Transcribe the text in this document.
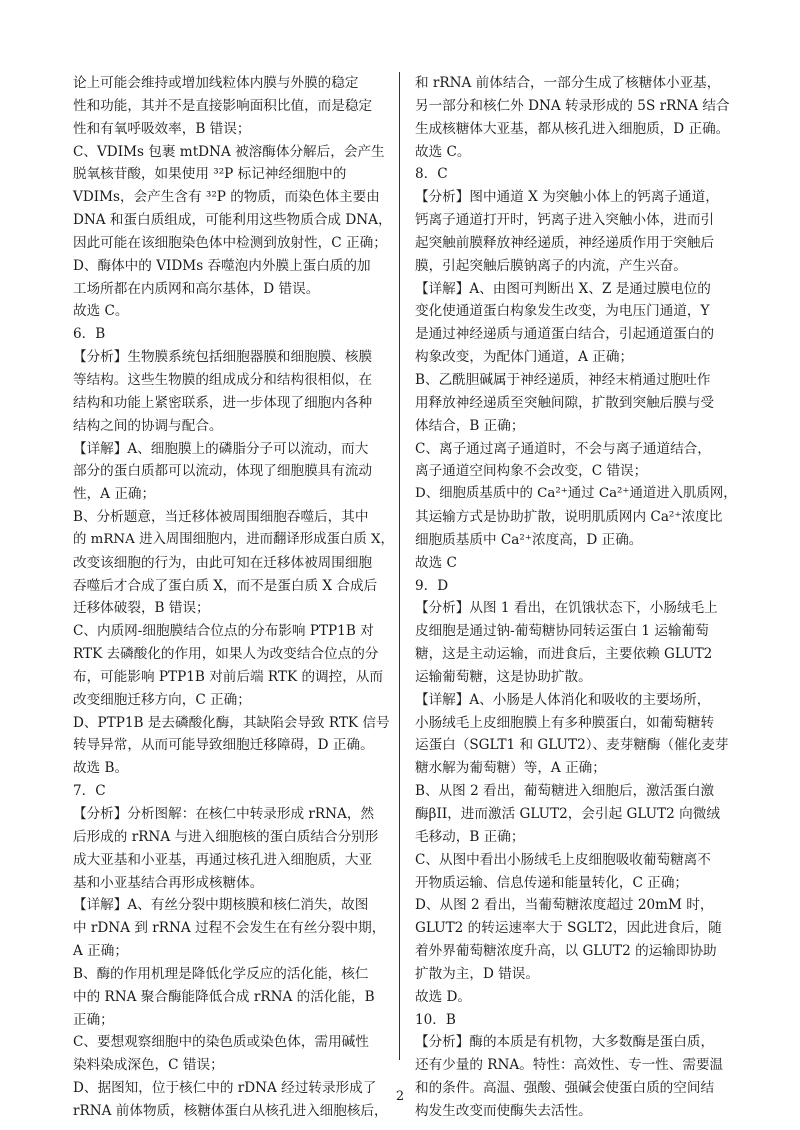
论上可能会维持或增加线粒体内膜与外膜的稳定
性和功能，其并不是直接影响面积比值，而是稳定
性和有氧呼吸效率，B 错误；
C、VDIMs 包裹 mtDNA 被溶酶体分解后，会产生
脱氧核苷酸，如果使用 ³²P 标记神经细胞中的
VDIMs，会产生含有 ³²P 的物质，而染色体主要由
DNA 和蛋白质组成，可能利用这些物质合成 DNA，
因此可能在该细胞染色体中检测到放射性，C 正确；
D、酶体中的 VIDMs 吞噬泡内外膜上蛋白质的加
工场所都在内质网和高尔基体，D 错误。
故选 C。
6．B
【分析】生物膜系统包括细胞器膜和细胞膜、核膜
等结构。这些生物膜的组成成分和结构很相似，在
结构和功能上紧密联系，进一步体现了细胞内各种
结构之间的协调与配合。
【详解】A、细胞膜上的磷脂分子可以流动，而大
部分的蛋白质都可以流动，体现了细胞膜具有流动
性，A 正确；
B、分析题意，当迁移体被周围细胞吞噬后，其中
的 mRNA 进入周围细胞内，进而翻译形成蛋白质 X，
改变该细胞的行为，由此可知在迁移体被周围细胞
吞噬后才合成了蛋白质 X，而不是蛋白质 X 合成后
迁移体破裂，B 错误；
C、内质网-细胞膜结合位点的分布影响 PTP1B 对
RTK 去磷酸化的作用，如果人为改变结合位点的分
布，可能影响 PTP1B 对前后端 RTK 的调控，从而
改变细胞迁移方向，C 正确；
D、PTP1B 是去磷酸化酶，其缺陷会导致 RTK 信号
转导异常，从而可能导致细胞迁移障碍，D 正确。
故选 B。
7．C
【分析】分析图解：在核仁中转录形成 rRNA，然
后形成的 rRNA 与进入细胞核的蛋白质结合分别形
成大亚基和小亚基，再通过核孔进入细胞质，大亚
基和小亚基结合再形成核糖体。
【详解】A、有丝分裂中期核膜和核仁消失，故图
中 rDNA 到 rRNA 过程不会发生在有丝分裂中期，
A 正确；
B、酶的作用机理是降低化学反应的活化能，核仁
中的 RNA 聚合酶能降低合成 rRNA 的活化能，B
正确；
C、要想观察细胞中的染色质或染色体，需用碱性
染料染成深色，C 错误；
D、据图知，位于核仁中的 rDNA 经过转录形成了
rRNA 前体物质，核糖体蛋白从核孔进入细胞核后，
和 rRNA 前体结合，一部分生成了核糖体小亚基，
另一部分和核仁外 DNA 转录形成的 5S rRNA 结合
生成核糖体大亚基，都从核孔进入细胞质，D 正确。
故选 C。
8．C
【分析】图中通道 X 为突触小体上的钙离子通道，
钙离子通道打开时，钙离子进入突触小体，进而引
起突触前膜释放神经递质，神经递质作用于突触后
膜，引起突触后膜钠离子的内流，产生兴奋。
【详解】A、由图可判断出 X、Z 是通过膜电位的
变化使通道蛋白构象发生改变，为电压门通道，Y
是通过神经递质与通道蛋白结合，引起通道蛋白的
构象改变，为配体门通道，A 正确；
B、乙酰胆碱属于神经递质，神经末梢通过胞吐作
用释放神经递质至突触间隙，扩散到突触后膜与受
体结合，B 正确；
C、离子通过离子通道时，不会与离子通道结合，
离子通道空间构象不会改变，C 错误；
D、细胞质基质中的 Ca²⁺通过 Ca²⁺通道进入肌质网，
其运输方式是协助扩散，说明肌质网内 Ca²⁺浓度比
细胞质基质中 Ca²⁺浓度高，D 正确。
故选 C
9．D
【分析】从图 1 看出，在饥饿状态下，小肠绒毛上
皮细胞是通过钠-葡萄糖协同转运蛋白 1 运输葡萄
糖，这是主动运输，而进食后，主要依赖 GLUT2
运输葡萄糖，这是协助扩散。
【详解】A、小肠是人体消化和吸收的主要场所，
小肠绒毛上皮细胞膜上有多种膜蛋白，如葡萄糖转
运蛋白（SGLT1 和 GLUT2）、麦芽糖酶（催化麦芽
糖水解为葡萄糖）等，A 正确；
B、从图 2 看出，葡萄糖进入细胞后，激活蛋白激
酶βII，进而激活 GLUT2，会引起 GLUT2 向微绒
毛移动，B 正确；
C、从图中看出小肠绒毛上皮细胞吸收葡萄糖离不
开物质运输、信息传递和能量转化，C 正确；
D、从图 2 看出，当葡萄糖浓度超过 20mM 时，
GLUT2 的转运速率大于 SGLT2，因此进食后，随
着外界葡萄糖浓度升高，以 GLUT2 的运输即协助
扩散为主，D 错误。
故选 D。
10．B
【分析】酶的本质是有机物，大多数酶是蛋白质，
还有少量的 RNA。特性：高效性、专一性、需要温
和的条件。高温、强酸、强碱会使蛋白质的空间结
构发生改变而使酶失去活性。
2
